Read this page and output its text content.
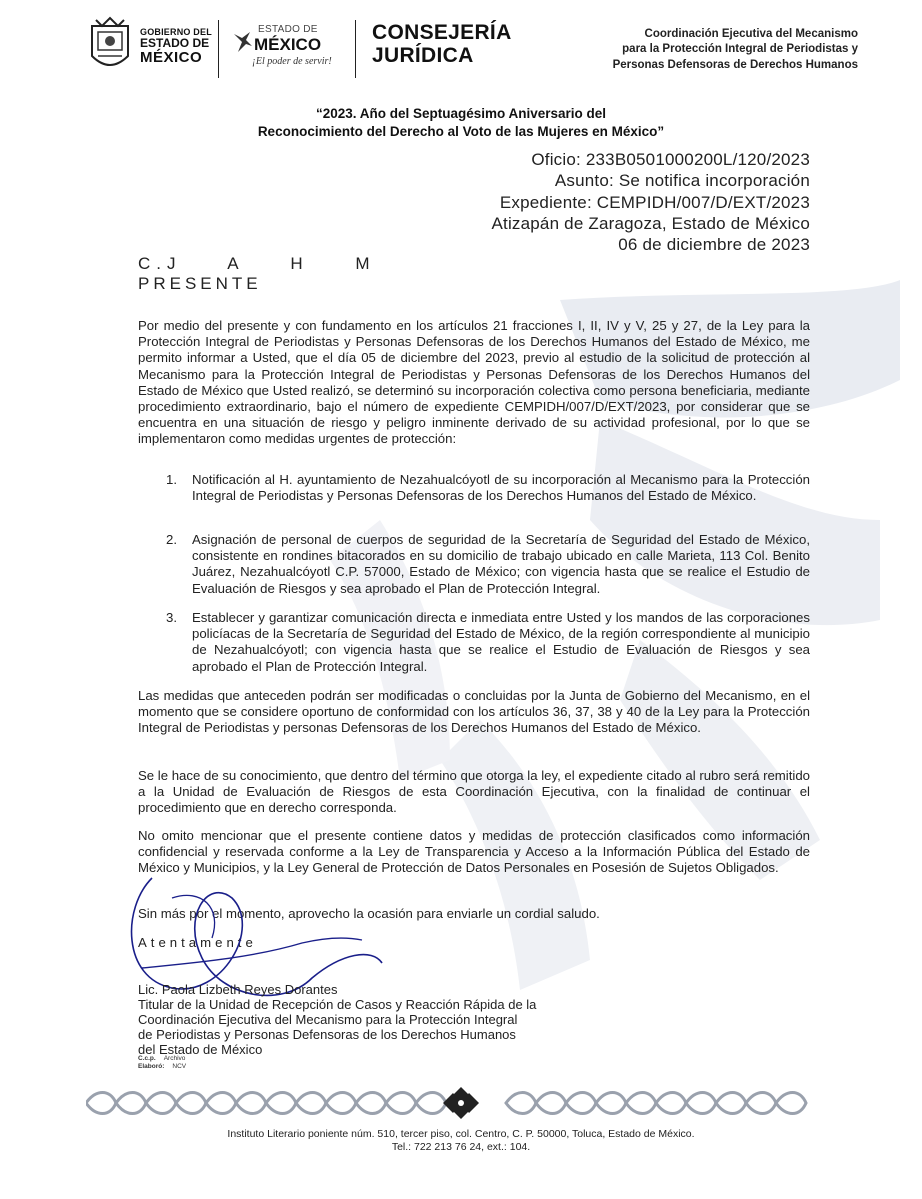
GOBIERNO DEL
ESTADO DE
MÉXICO
ESTADO DE
MÉXICO
¡El poder de servir!
CONSEJERÍA
JURÍDICA
Coordinación Ejecutiva del Mecanismo
para la Protección Integral de Periodistas y
Personas Defensoras de Derechos Humanos
“2023. Año del Septuagésimo Aniversario del
Reconocimiento del Derecho al Voto de las Mujeres en México”
Oficio: 233B0501000200L/120/2023
Asunto: Se notifica incorporación
Expediente: CEMPIDH/007/D/EXT/2023
Atizapán de Zaragoza, Estado de México
06 de diciembre de 2023
C.J A H M
PRESENTE
Por medio del presente y con fundamento en los artículos 21 fracciones I, II, IV y V, 25 y 27, de la Ley para la Protección Integral de Periodistas y Personas Defensoras de los Derechos Humanos del Estado de México, me permito informar a Usted, que el día 05 de diciembre del 2023, previo al estudio de la solicitud de protección al Mecanismo para la Protección Integral de Periodistas y Personas Defensoras de los Derechos Humanos del Estado de México que Usted realizó, se determinó su incorporación colectiva como persona beneficiaria, mediante procedimiento extraordinario, bajo el número de expediente CEMPIDH/007/D/EXT/2023, por considerar que se encuentra en una situación de riesgo y peligro inminente derivado de su actividad profesional, por lo que se implementaron como medidas urgentes de protección:
1. Notificación al H. ayuntamiento de Nezahualcóyotl de su incorporación al Mecanismo para la Protección Integral de Periodistas y Personas Defensoras de los Derechos Humanos del Estado de México.
2. Asignación de personal de cuerpos de seguridad de la Secretaría de Seguridad del Estado de México, consistente en rondines bitacorados en su domicilio de trabajo ubicado en calle Marieta, 113 Col. Benito Juárez, Nezahualcóyotl C.P. 57000, Estado de México; con vigencia hasta que se realice el Estudio de Evaluación de Riesgos y sea aprobado el Plan de Protección Integral.
3. Establecer y garantizar comunicación directa e inmediata entre Usted y los mandos de las corporaciones policíacas de la Secretaría de Seguridad del Estado de México, de la región correspondiente al municipio de Nezahualcóyotl; con vigencia hasta que se realice el Estudio de Evaluación de Riesgos y sea aprobado el Plan de Protección Integral.
Las medidas que anteceden podrán ser modificadas o concluidas por la Junta de Gobierno del Mecanismo, en el momento que se considere oportuno de conformidad con los artículos 36, 37, 38 y 40 de la Ley para la Protección Integral de Periodistas y personas Defensoras de los Derechos Humanos del Estado de México.
Se le hace de su conocimiento, que dentro del término que otorga la ley, el expediente citado al rubro será remitido a la Unidad de Evaluación de Riesgos de esta Coordinación Ejecutiva, con la finalidad de continuar el procedimiento que en derecho corresponda.
No omito mencionar que el presente contiene datos y medidas de protección clasificados como información confidencial y reservada conforme a la Ley de Transparencia y Acceso a la Información Pública del Estado de México y Municipios, y la Ley General de Protección de Datos Personales en Posesión de Sujetos Obligados.
Sin más por el momento, aprovecho la ocasión para enviarle un cordial saludo.
Atentamente
Lic. Paola Lizbeth Reyes Dorantes
Titular de la Unidad de Recepción de Casos y Reacción Rápida de la
Coordinación Ejecutiva del Mecanismo para la Protección Integral
de Periodistas y Personas Defensoras de los Derechos Humanos
del Estado de México
C.c.p. Archivo
Elaboró: NCV
Instituto Literario poniente núm. 510, tercer piso, col. Centro, C. P. 50000, Toluca, Estado de México.
Tel.: 722 213 76 24, ext.: 104.
